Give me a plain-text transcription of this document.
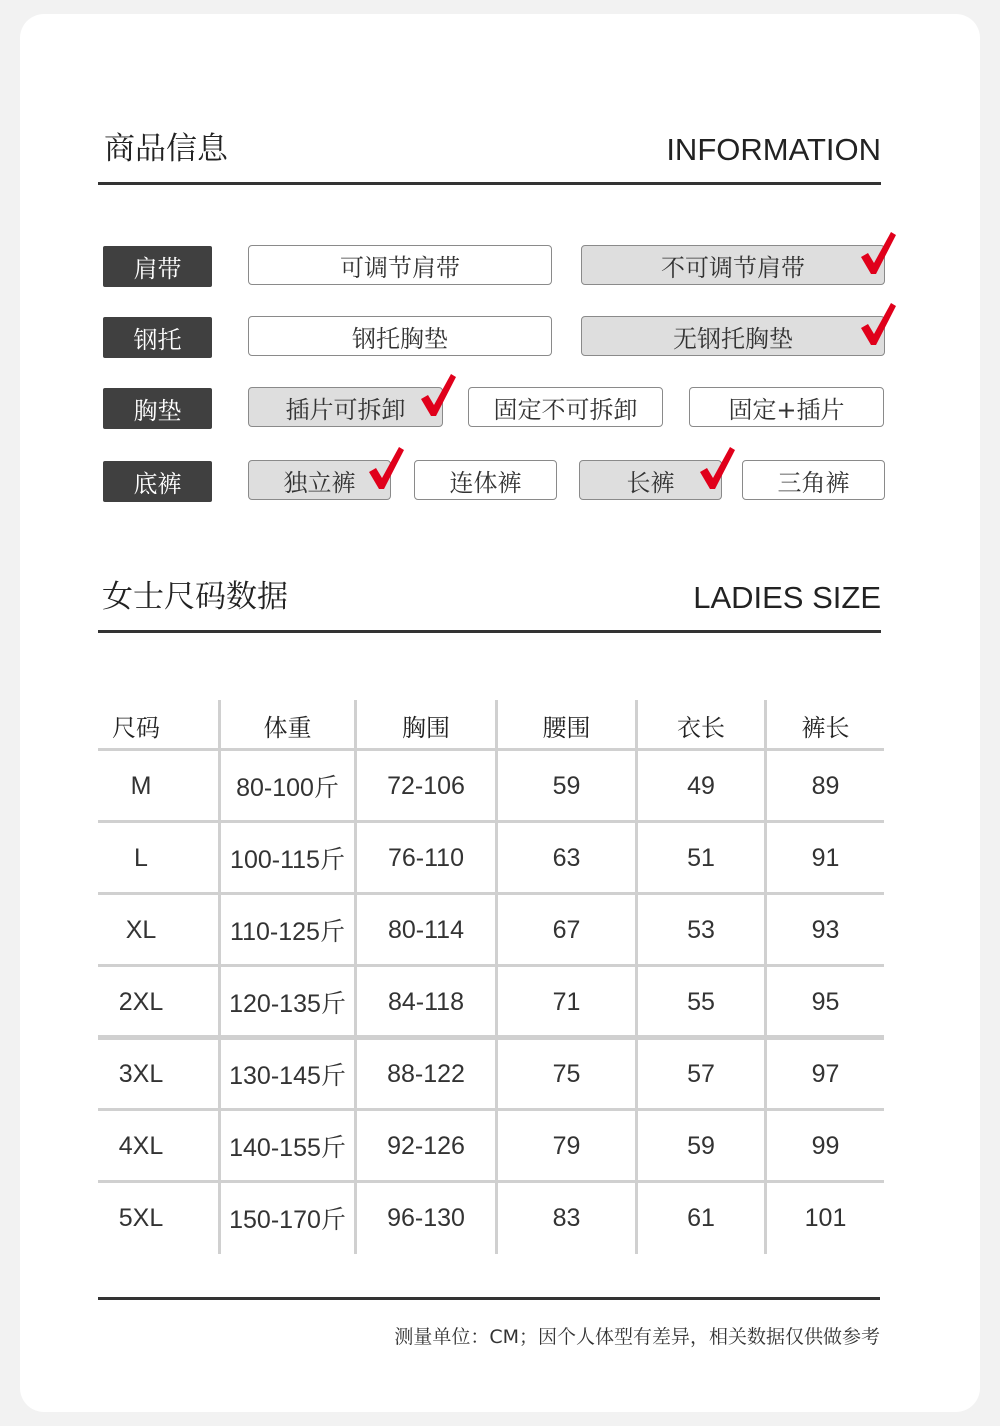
商品信息	INFORMATION
肩带	可调节肩带	不可调节肩带
钢托	钢托胸垫	无钢托胸垫
胸垫	插片可拆卸	固定不可拆卸	固定+插片
底裤	独立裤	连体裤	长裤	三角裤
女士尺码数据	LADIES SIZE
尺码	体重	胸围	腰围	衣长	裤长
M	80-100斤	72-106	59	49	89
L	100-115斤	76-110	63	51	91
XL	110-125斤	80-114	67	53	93
2XL	120-135斤	84-118	71	55	95
3XL	130-145斤	88-122	75	57	97
4XL	140-155斤	92-126	79	59	99
5XL	150-170斤	96-130	83	61	101
测量单位：CM；因个人体型有差异，相关数据仅供做参考
